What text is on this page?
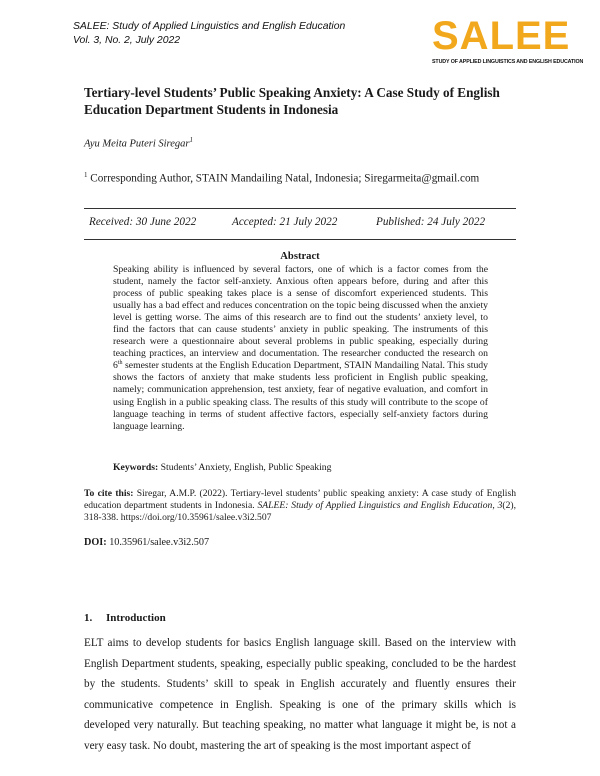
SALEE: Study of Applied Linguistics and English Education
Vol. 3, No. 2, July 2022	SALEE
STUDY OF APPLIED LINGUISTICS AND ENGLISH EDUCATION
Tertiary-level Students’ Public Speaking Anxiety: A Case Study of English Education Department Students in Indonesia
Ayu Meita Puteri Siregar$^1$
$^1$ Corresponding Author, STAIN Mandailing Natal, Indonesia; Siregarmeita@gmail.com
Received: 30 June 2022	Accepted: 21 July 2022	Published: 24 July 2022
Abstract
Speaking ability is influenced by several factors, one of which is a factor comes from the student, namely the factor self-anxiety. Anxious often appears before, during and after this process of public speaking takes place is a sense of discomfort experienced students. This usually has a bad effect and reduces concentration on the topic being discussed when the anxiety level is getting worse. The aims of this research are to find out the students’ anxiety level, to find the factors that can cause students’ anxiety in public speaking. The instruments of this research were a questionnaire about several problems in public speaking, especially during teaching practices, an interview and documentation. The researcher conducted the research on 6th semester students at the English Education Department, STAIN Mandailing Natal. This study shows the factors of anxiety that make students less proficient in English public speaking, namely; communication apprehension, test anxiety, fear of negative evaluation, and comfort in using English in a public speaking class. The results of this study will contribute to the scope of language teaching in terms of student affective factors, especially self-anxiety factors during language learning.
Keywords: Students’ Anxiety, English, Public Speaking
To cite this: Siregar, A.M.P. (2022). Tertiary-level students’ public speaking anxiety: A case study of English education department students in Indonesia. SALEE: Study of Applied Linguistics and English Education, 3(2), 318-338. https://doi.org/10.35961/salee.v3i2.507
DOI: 10.35961/salee.v3i2.507
1. Introduction
ELT aims to develop students for basics English language skill. Based on the interview with English Department students, speaking, especially public speaking, concluded to be the hardest by the students. Students’ skill to speak in English accurately and fluently ensures their communicative competence in English. Speaking is one of the primary skills which is developed very naturally. But teaching speaking, no matter what language it might be, is not a very easy task. No doubt, mastering the art of speaking is the most important aspect of
